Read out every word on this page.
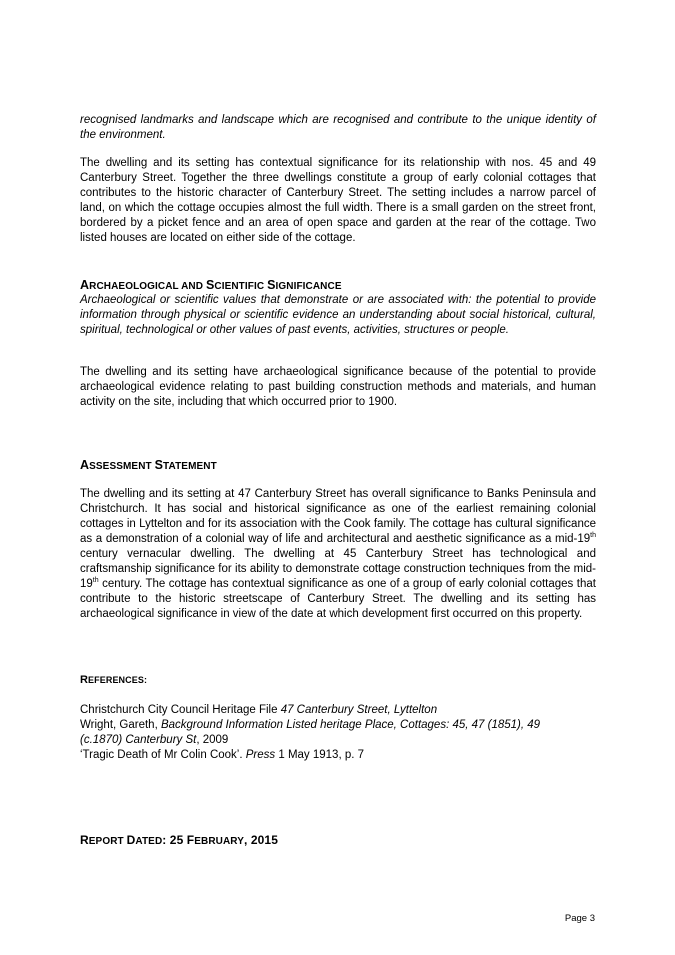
recognised landmarks and landscape which are recognised and contribute to the unique identity of the environment.
The dwelling and its setting has contextual significance for its relationship with nos. 45 and 49 Canterbury Street. Together the three dwellings constitute a group of early colonial cottages that contributes to the historic character of Canterbury Street. The setting includes a narrow parcel of land, on which the cottage occupies almost the full width. There is a small garden on the street front, bordered by a picket fence and an area of open space and garden at the rear of the cottage. Two listed houses are located on either side of the cottage.
ARCHAEOLOGICAL AND SCIENTIFIC SIGNIFICANCE
Archaeological or scientific values that demonstrate or are associated with: the potential to provide information through physical or scientific evidence an understanding about social historical, cultural, spiritual, technological or other values of past events, activities, structures or people.
The dwelling and its setting have archaeological significance because of the potential to provide archaeological evidence relating to past building construction methods and materials, and human activity on the site, including that which occurred prior to 1900.
ASSESSMENT STATEMENT
The dwelling and its setting at 47 Canterbury Street has overall significance to Banks Peninsula and Christchurch. It has social and historical significance as one of the earliest remaining colonial cottages in Lyttelton and for its association with the Cook family. The cottage has cultural significance as a demonstration of a colonial way of life and architectural and aesthetic significance as a mid-19th century vernacular dwelling. The dwelling at 45 Canterbury Street has technological and craftsmanship significance for its ability to demonstrate cottage construction techniques from the mid-19th century. The cottage has contextual significance as one of a group of early colonial cottages that contribute to the historic streetscape of Canterbury Street. The dwelling and its setting has archaeological significance in view of the date at which development first occurred on this property.
REFERENCES:
Christchurch City Council Heritage File 47 Canterbury Street, Lyttelton
Wright, Gareth, Background Information Listed heritage Place, Cottages: 45, 47 (1851), 49
(c.1870) Canterbury St, 2009
‘Tragic Death of Mr Colin Cook’. Press 1 May 1913, p. 7
REPORT DATED: 25 FEBRUARY, 2015
Page 3
